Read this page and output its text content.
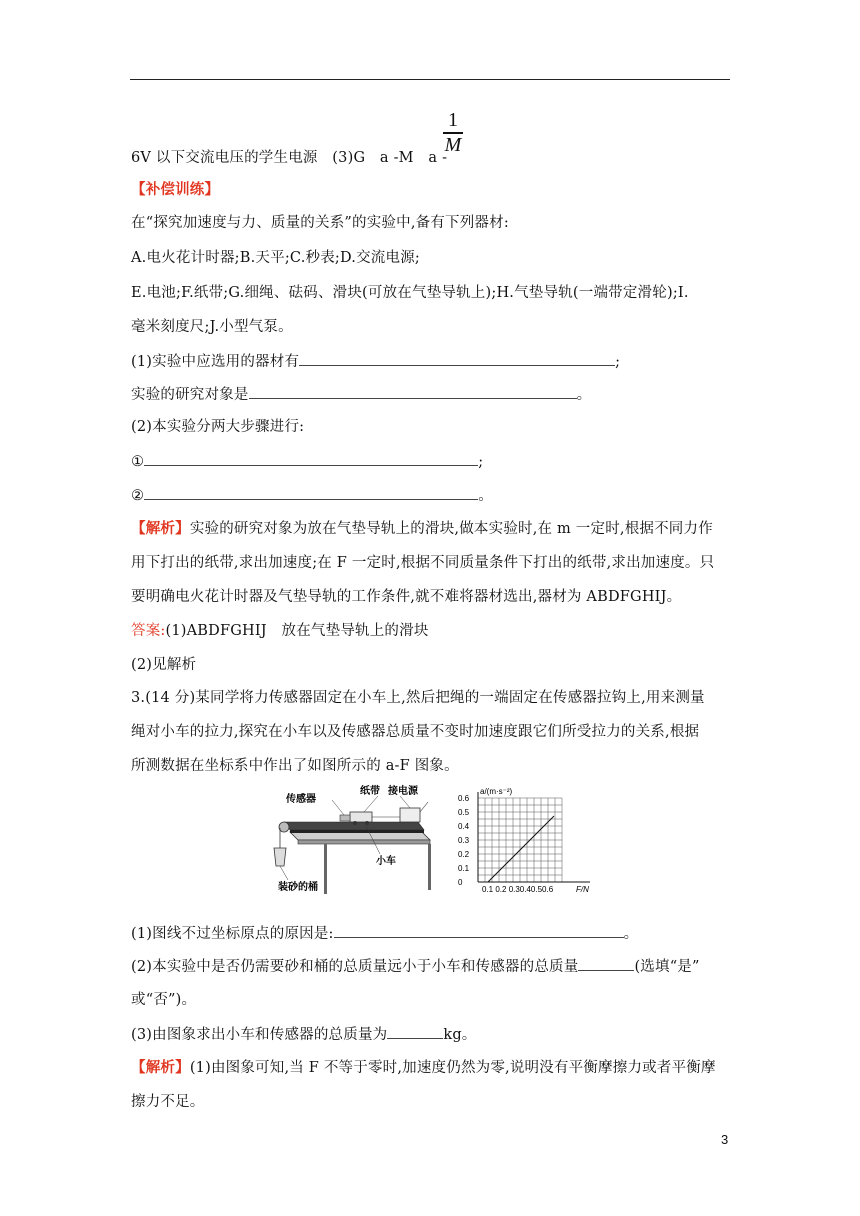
6V 以下交流电压的学生电源　(3)G　a -M　a -
1
M
【补偿训练】
在“探究加速度与力、质量的关系”的实验中,备有下列器材:
A.电火花计时器;B.天平;C.秒表;D.交流电源;
E.电池;F.纸带;G.细绳、砝码、滑块(可放在气垫导轨上);H.气垫导轨(一端带定滑轮);I.
毫米刻度尺;J.小型气泵。
(1)实验中应选用的器材有	;
实验的研究对象是	。
(2)本实验分两大步骤进行:
①	;
②	。
【解析】实验的研究对象为放在气垫导轨上的滑块,做本实验时,在 m 一定时,根据不同力作
用下打出的纸带,求出加速度;在 F 一定时,根据不同质量条件下打出的纸带,求出加速度。只
要明确电火花计时器及气垫导轨的工作条件,就不难将器材选出,器材为 ABDFGHIJ。
答案:(1)ABDFGHIJ　放在气垫导轨上的滑块
(2)见解析
3.(14 分)某同学将力传感器固定在小车上,然后把绳的一端固定在传感器拉钩上,用来测量
绳对小车的拉力,探究在小车以及传感器总质量不变时加速度跟它们所受拉力的关系,根据
所测数据在坐标系中作出了如图所示的 a-F 图象。
传感器
纸带 接电源
小车
装砂的桶
a/(m·s⁻²)
F/N
0.1 0.2 0.30.40.50.6
0.6
0.5
0.4
0.3
0.2
0.1
0
(1)图线不过坐标原点的原因是:	。
(2)本实验中是否仍需要砂和桶的总质量远小于小车和传感器的总质量	(选填“是”
或“否”)。
(3)由图象求出小车和传感器的总质量为	kg。
【解析】(1)由图象可知,当 F 不等于零时,加速度仍然为零,说明没有平衡摩擦力或者平衡摩
擦力不足。
3
